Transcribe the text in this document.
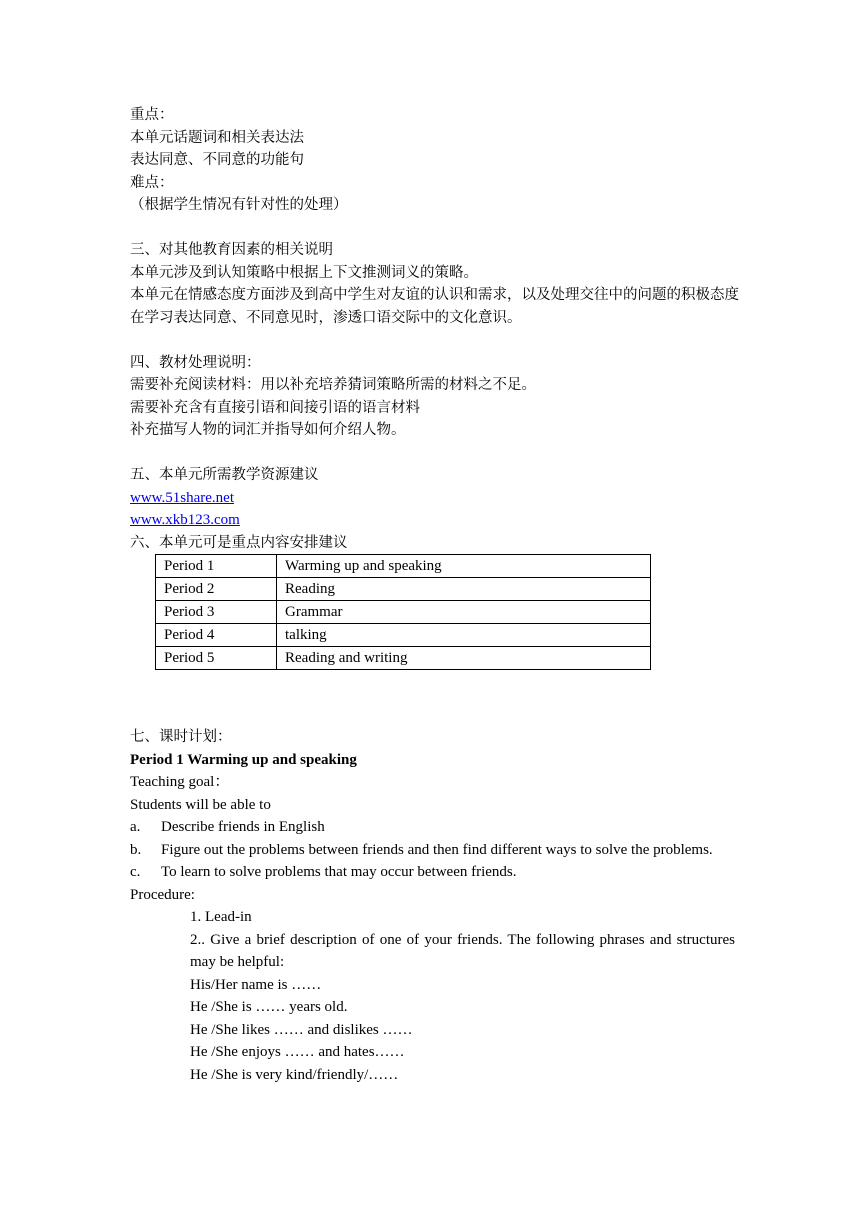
重点：
本单元话题词和相关表达法
表达同意、不同意的功能句
难点：
（根据学生情况有针对性的处理）
三、对其他教育因素的相关说明
本单元涉及到认知策略中根据上下文推测词义的策略。
本单元在情感态度方面涉及到高中学生对友谊的认识和需求，以及处理交往中的问题的积极态度
在学习表达同意、不同意见时，渗透口语交际中的文化意识。
四、教材处理说明：
需要补充阅读材料：用以补充培养猜词策略所需的材料之不足。
需要补充含有直接引语和间接引语的语言材料
补充描写人物的词汇并指导如何介绍人物。
五、本单元所需教学资源建议
www.51share.net
www.xkb123.com
六、本单元可是重点内容安排建议
Period 1	Warming up and speaking
Period 2	Reading
Period 3	Grammar
Period 4	talking
Period 5	Reading and writing
七、课时计划：
Period 1 Warming up and speaking
Teaching goal：
Students will be able to
a.	Describe friends in English
b.	Figure out the problems between friends and then find different ways to solve the problems.
c.	To learn to solve problems that may occur between friends.
Procedure:
1. Lead-in
2.. Give a brief description of one of your friends. The following phrases and structures may be helpful:
His/Her name is ……
He /She is …… years old.
He /She likes …… and dislikes ……
He /She enjoys …… and hates……
He /She is very kind/friendly/……
